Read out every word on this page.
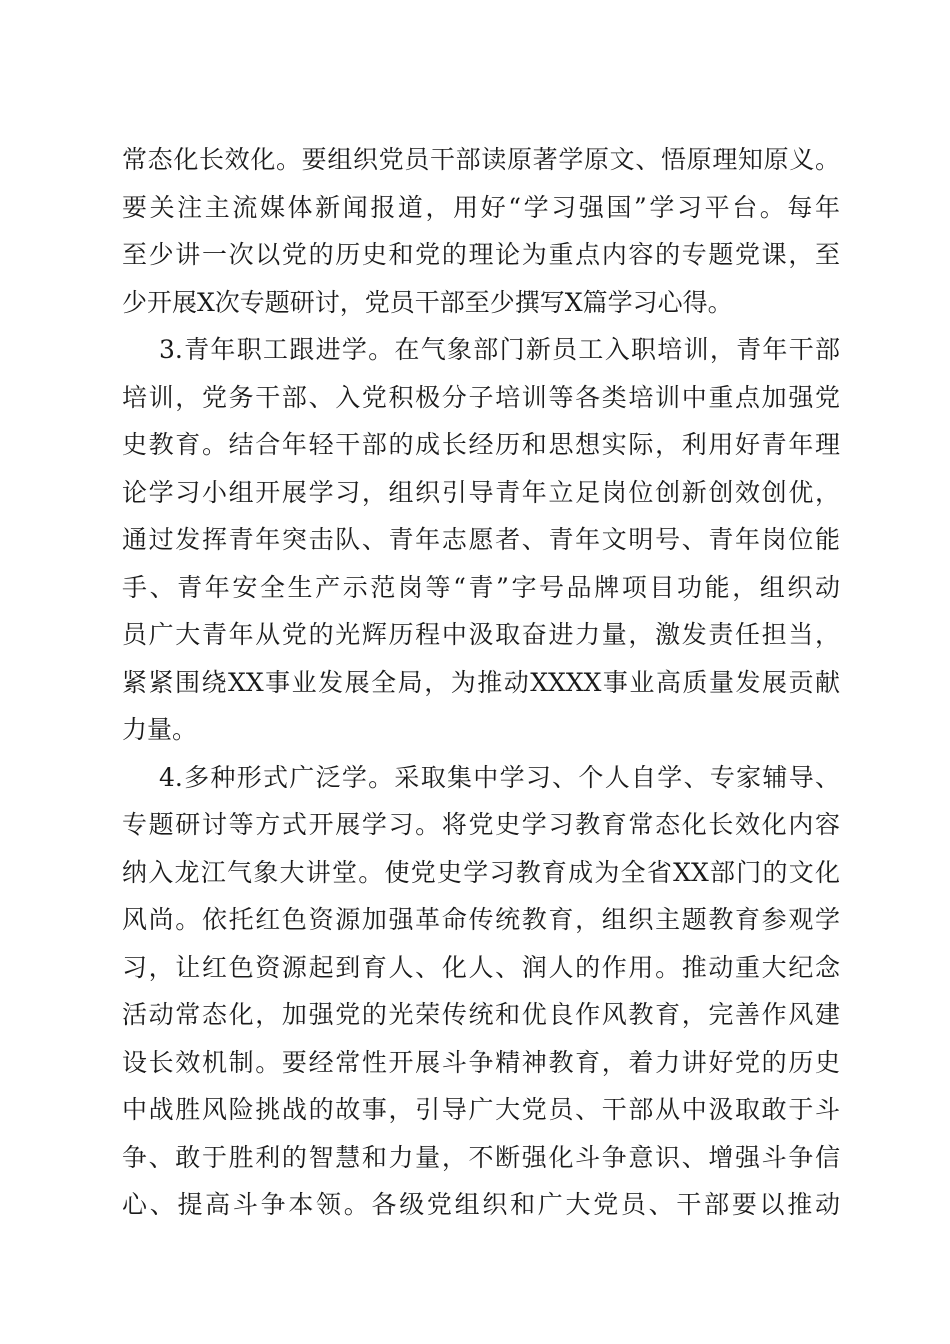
常态化长效化。要组织党员干部读原著学原文、悟原理知原义。
要关注主流媒体新闻报道，用好“学习强国”学习平台。每年
至少讲一次以党的历史和党的理论为重点内容的专题党课，至
少开展X次专题研讨，党员干部至少撰写X篇学习心得。
3.青年职工跟进学。在气象部门新员工入职培训，青年干部
培训，党务干部、入党积极分子培训等各类培训中重点加强党
史教育。结合年轻干部的成长经历和思想实际，利用好青年理
论学习小组开展学习，组织引导青年立足岗位创新创效创优，
通过发挥青年突击队、青年志愿者、青年文明号、青年岗位能
手、青年安全生产示范岗等“青”字号品牌项目功能，组织动
员广大青年从党的光辉历程中汲取奋进力量，激发责任担当，
紧紧围绕XX事业发展全局，为推动XXXX事业高质量发展贡献
力量。
4.多种形式广泛学。采取集中学习、个人自学、专家辅导、
专题研讨等方式开展学习。将党史学习教育常态化长效化内容
纳入龙江气象大讲堂。使党史学习教育成为全省XX部门的文化
风尚。依托红色资源加强革命传统教育，组织主题教育参观学
习，让红色资源起到育人、化人、润人的作用。推动重大纪念
活动常态化，加强党的光荣传统和优良作风教育，完善作风建
设长效机制。要经常性开展斗争精神教育，着力讲好党的历史
中战胜风险挑战的故事，引导广大党员、干部从中汲取敢于斗
争、敢于胜利的智慧和力量，不断强化斗争意识、增强斗争信
心、提高斗争本领。各级党组织和广大党员、干部要以推动
